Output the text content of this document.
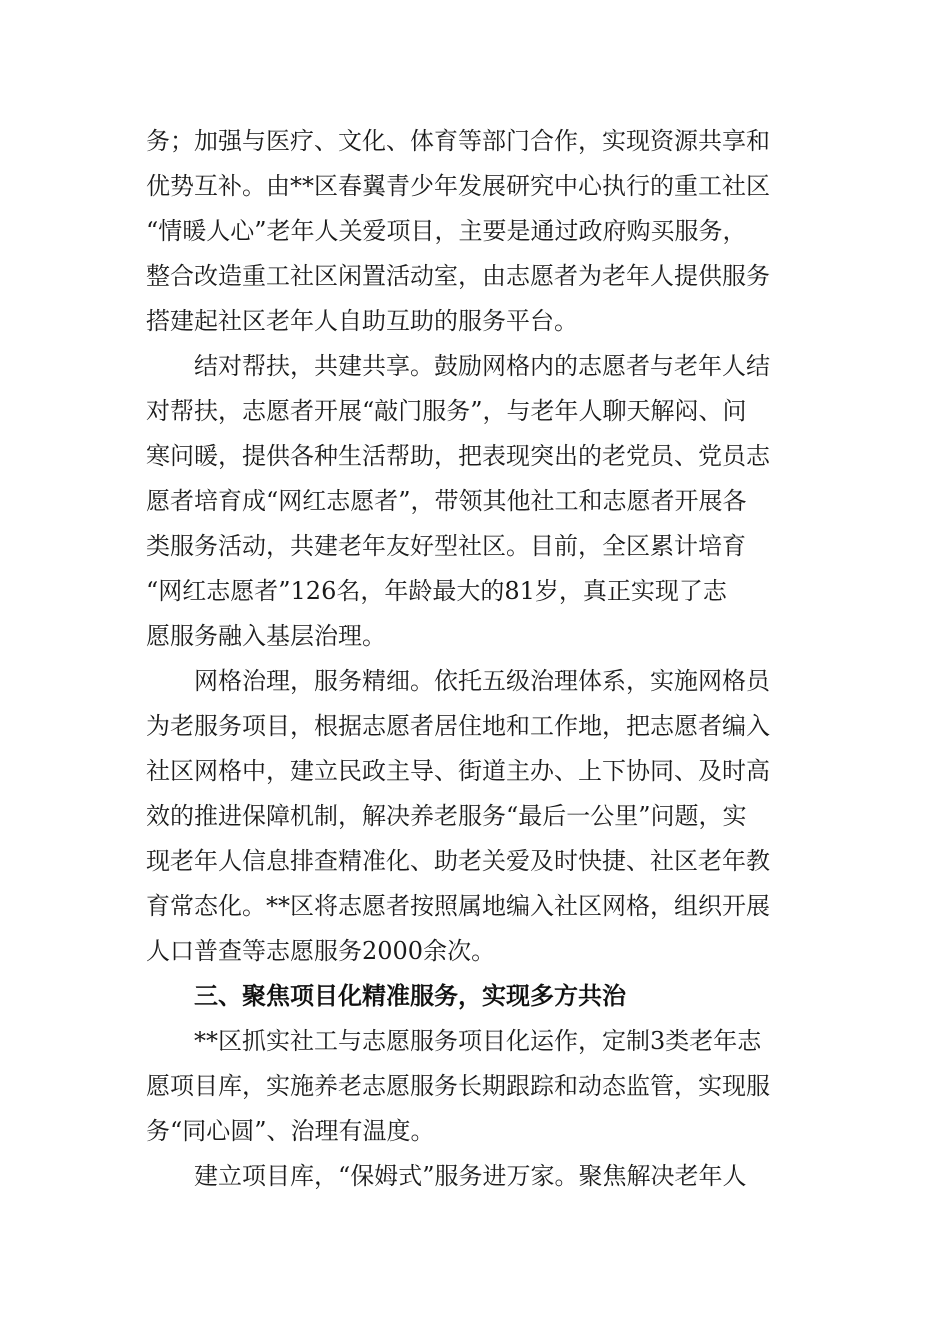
务；加强与医疗、文化、体育等部门合作，实现资源共享和
优势互补。由**区春翼青少年发展研究中心执行的重工社区
“情暖人心”老年人关爱项目，主要是通过政府购买服务，
整合改造重工社区闲置活动室，由志愿者为老年人提供服务
搭建起社区老年人自助互助的服务平台。
结对帮扶，共建共享。鼓励网格内的志愿者与老年人结
对帮扶，志愿者开展“敲门服务”，与老年人聊天解闷、问
寒问暖，提供各种生活帮助，把表现突出的老党员、党员志
愿者培育成“网红志愿者”，带领其他社工和志愿者开展各
类服务活动，共建老年友好型社区。目前，全区累计培育
“网红志愿者”126名，年龄最大的81岁，真正实现了志
愿服务融入基层治理。
网格治理，服务精细。依托五级治理体系，实施网格员
为老服务项目，根据志愿者居住地和工作地，把志愿者编入
社区网格中，建立民政主导、街道主办、上下协同、及时高
效的推进保障机制，解决养老服务“最后一公里”问题，实
现老年人信息排查精准化、助老关爱及时快捷、社区老年教
育常态化。**区将志愿者按照属地编入社区网格，组织开展
人口普查等志愿服务2000余次。
三、聚焦项目化精准服务，实现多方共治
**区抓实社工与志愿服务项目化运作，定制3类老年志
愿项目库，实施养老志愿服务长期跟踪和动态监管，实现服
务“同心圆”、治理有温度。
建立项目库，“保姆式”服务进万家。聚焦解决老年人
